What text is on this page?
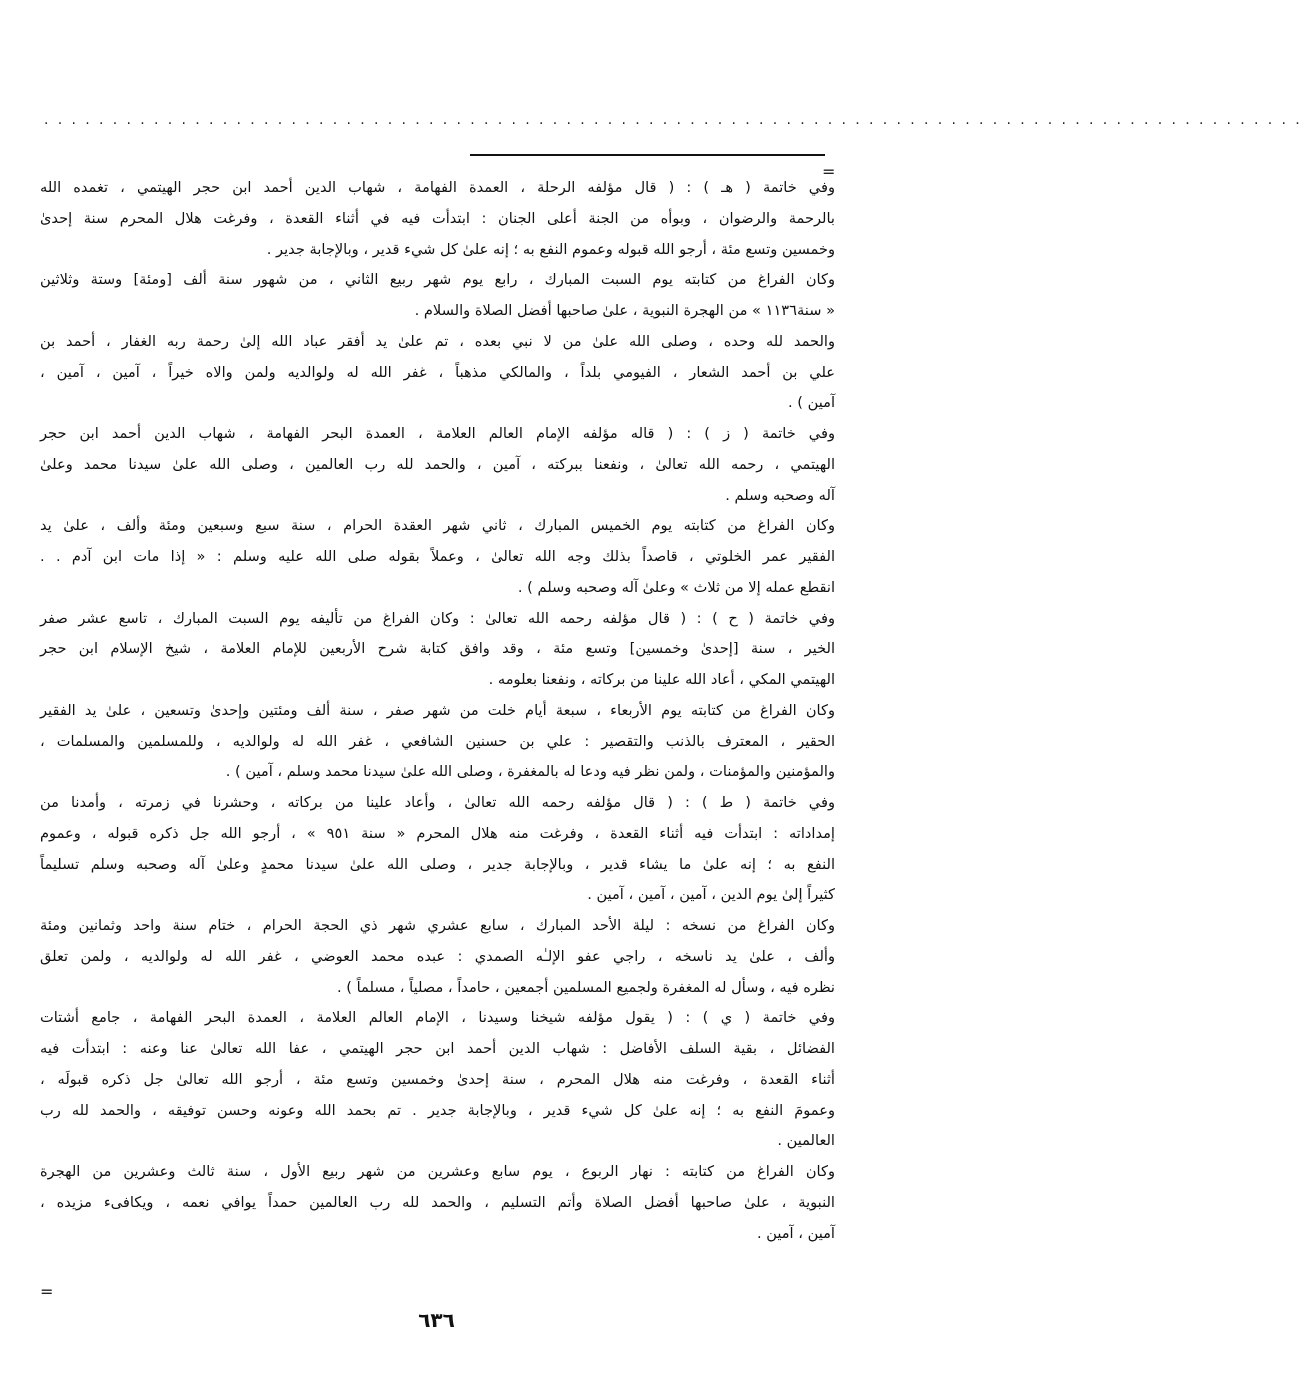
............................................................................................
=
وفي خاتمة ( هـ ) : ( قال مؤلفه الرحلة ، العمدة الفهامة ، شهاب الدين أحمد ابن حجر الهيتمي ، تغمده الله
بالرحمة والرضوان ، وبوأه من الجنة أعلى الجنان : ابتدأت فيه في أثناء القعدة ، وفرغت هلال المحرم سنة إحدىٰ
وخمسين وتسع مئة ، أرجو الله قبوله وعموم النفع به ؛ إنه علىٰ كل شيء قدير ، وبالإجابة جدير .
وكان الفراغ من كتابته يوم السبت المبارك ، رابع يوم شهر ربيع الثاني ، من شهور سنة ألف [ومئة] وستة وثلاثين
« سنة١١٣٦ » من الهجرة النبوية ، علىٰ صاحبها أفضل الصلاة والسلام .
والحمد لله وحده ، وصلى الله علىٰ من لا نبي بعده ، تم علىٰ يد أفقر عباد الله إلىٰ رحمة ربه الغفار ، أحمد بن
علي بن أحمد الشعار ، الفيومي بلداً ، والمالكي مذهباً ، غفر الله له ولوالديه ولمن والاه خيراً ، آمين ، آمين ،
آمين ) .
وفي خاتمة ( ز ) : ( قاله مؤلفه الإمام العالم العلامة ، العمدة البحر الفهامة ، شهاب الدين أحمد ابن حجر
الهيتمي ، رحمه الله تعالىٰ ، ونفعنا ببركته ، آمين ، والحمد لله رب العالمين ، وصلى الله علىٰ سيدنا محمد وعلىٰ
آله وصحبه وسلم .
وكان الفراغ من كتابته يوم الخميس المبارك ، ثاني شهر العقدة الحرام ، سنة سبع وسبعين ومئة وألف ، علىٰ يد
الفقير عمر الخلوتي ، قاصداً بذلك وجه الله تعالىٰ ، وعملاً بقوله صلى الله عليه وسلم : « إذا مات ابن آدم . .
انقطع عمله إلا من ثلاث » وعلىٰ آله وصحبه وسلم ) .
وفي خاتمة ( ح ) : ( قال مؤلفه رحمه الله تعالىٰ : وكان الفراغ من تأليفه يوم السبت المبارك ، تاسع عشر صفر
الخير ، سنة [إحدىٰ وخمسين] وتسع مئة ، وقد وافق كتابة شرح الأربعين للإمام العلامة ، شيخ الإسلام ابن حجر
الهيتمي المكي ، أعاد الله علينا من بركاته ، ونفعنا بعلومه .
وكان الفراغ من كتابته يوم الأربعاء ، سبعة أيام خلت من شهر صفر ، سنة ألف ومئتين وإحدىٰ وتسعين ، علىٰ يد الفقير
الحقير ، المعترف بالذنب والتقصير : علي بن حسنين الشافعي ، غفر الله له ولوالديه ، وللمسلمين والمسلمات ،
والمؤمنين والمؤمنات ، ولمن نظر فيه ودعا له بالمغفرة ، وصلى الله علىٰ سيدنا محمد وسلم ، آمين ) .
وفي خاتمة ( ط ) : ( قال مؤلفه رحمه الله تعالىٰ ، وأعاد علينا من بركاته ، وحشرنا في زمرته ، وأمدنا من
إمداداته : ابتدأت فيه أثناء القعدة ، وفرغت منه هلال المحرم « سنة ٩٥١ » ، أرجو الله جل ذكره قبوله ، وعموم
النفع به ؛ إنه علىٰ ما يشاء قدير ، وبالإجابة جدير ، وصلى الله علىٰ سيدنا محمدٍ وعلىٰ آله وصحبه وسلم تسليماً
كثيراً إلىٰ يوم الدين ، آمين ، آمين ، آمين .
وكان الفراغ من نسخه : ليلة الأحد المبارك ، سابع عشري شهر ذي الحجة الحرام ، ختام سنة واحد وثمانين ومئة
وألف ، علىٰ يد ناسخه ، راجي عفو الإلـٰه الصمدي : عبده محمد العوضي ، غفر الله له ولوالديه ، ولمن تعلق
نظره فيه ، وسأل له المغفرة ولجميع المسلمين أجمعين ، حامداً ، مصلياً ، مسلماً ) .
وفي خاتمة ( ي ) : ( يقول مؤلفه شيخنا وسيدنا ، الإمام العالم العلامة ، العمدة البحر الفهامة ، جامع أشتات
الفضائل ، بقية السلف الأفاضل : شهاب الدين أحمد ابن حجر الهيتمي ، عفا الله تعالىٰ عنا وعنه : ابتدأت فيه
أثناء القعدة ، وفرغت منه هلال المحرم ، سنة إحدىٰ وخمسين وتسع مئة ، أرجو الله تعالىٰ جل ذكره قبولَه ،
وعمومَ النفع به ؛ إنه علىٰ كل شيء قدير ، وبالإجابة جدير . تم بحمد الله وعونه وحسن توفيقه ، والحمد لله رب
العالمين .
وكان الفراغ من كتابته : نهار الربوع ، يوم سابع وعشرين من شهر ربيع الأول ، سنة ثالث وعشرين من الهجرة
النبوية ، علىٰ صاحبها أفضل الصلاة وأتم التسليم ، والحمد لله رب العالمين حمداً يوافي نعمه ، ويكافىء مزيده ،
آمين ، آمين .
=
٦٣٦
